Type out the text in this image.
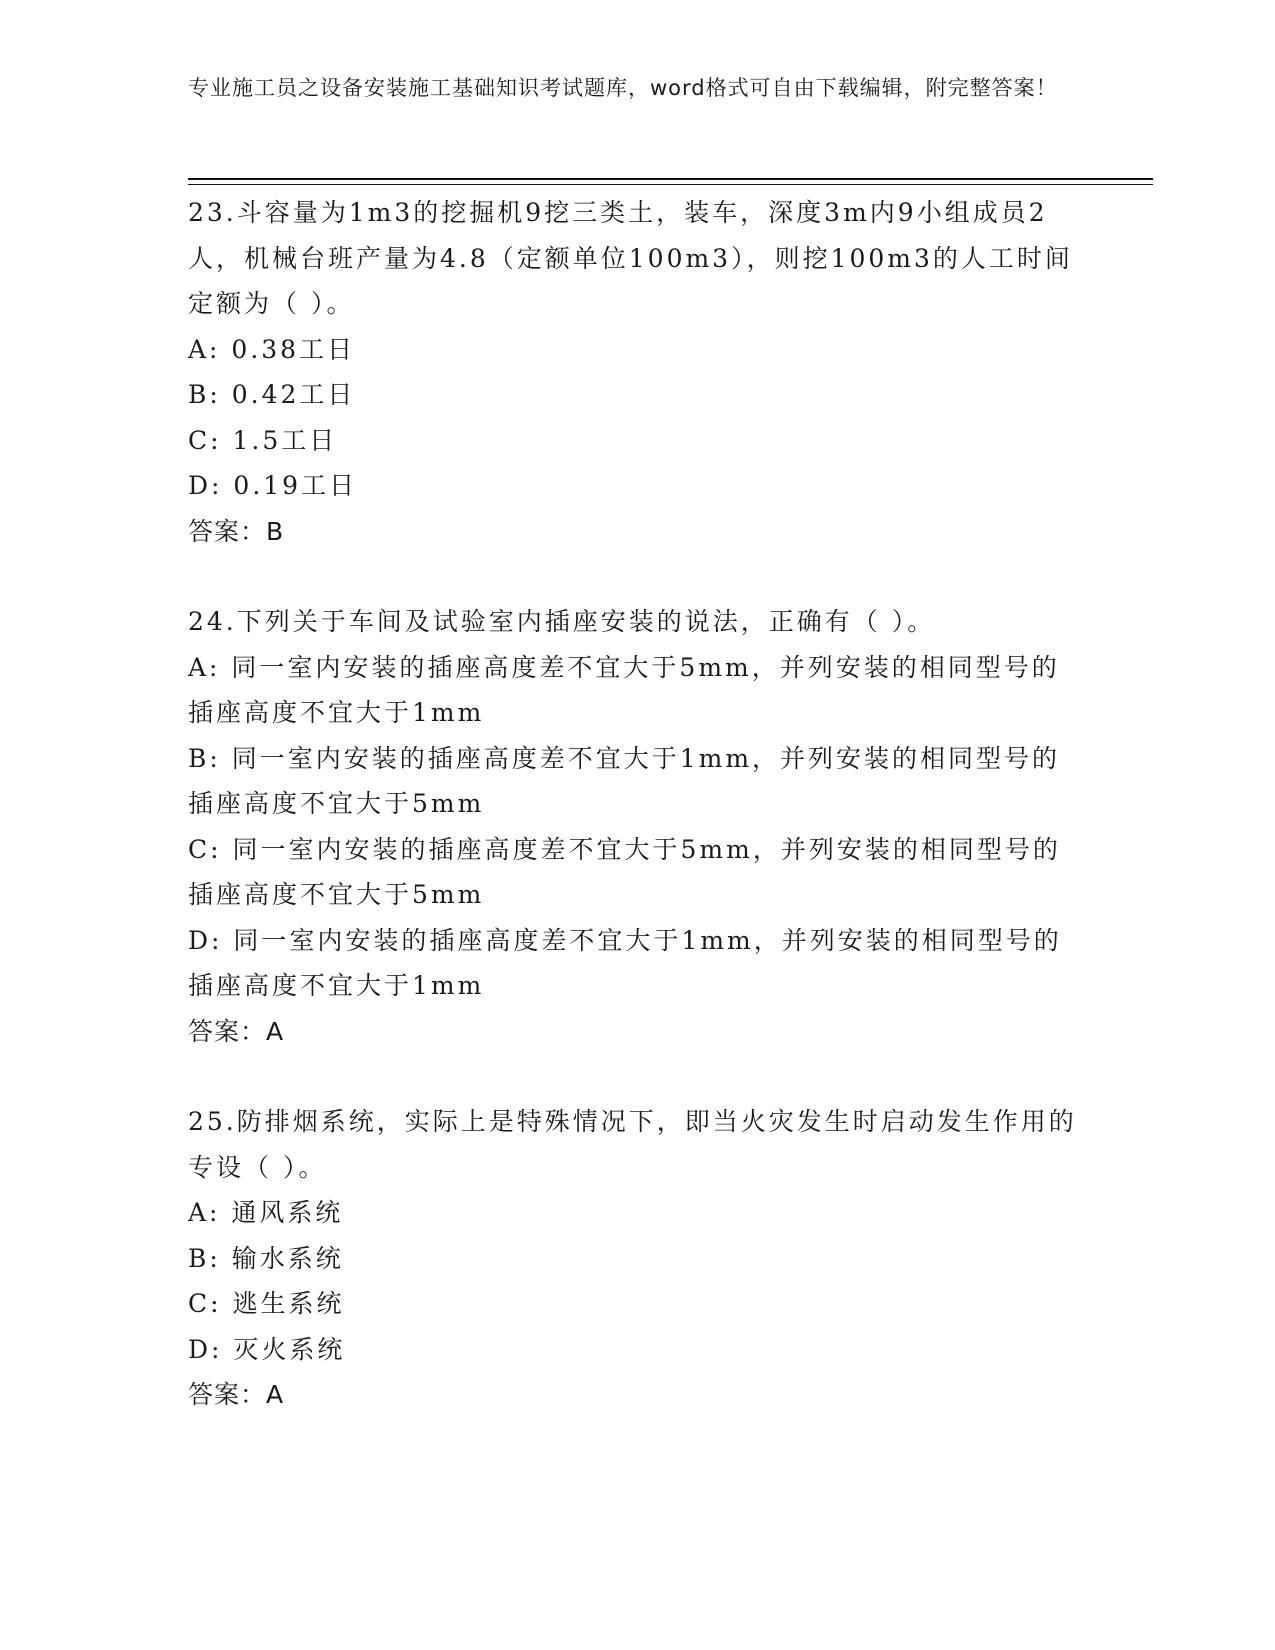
专业施工员之设备安装施工基础知识考试题库，word格式可自由下载编辑，附完整答案！

23.斗容量为1m3的挖掘机9挖三类土，装车，深度3m内9小组成员2人，机械台班产量为4.8（定额单位100m3），则挖100m3的人工时间定额为（ ）。

A: 0.38工日

B: 0.42工日

C: 1.5工日

D: 0.19工日

答案：B

24.下列关于车间及试验室内插座安装的说法，正确有（ ）。

A: 同一室内安装的插座高度差不宜大于5mm，并列安装的相同型号的插座高度不宜大于1mm

B: 同一室内安装的插座高度差不宜大于1mm，并列安装的相同型号的插座高度不宜大于5mm

C: 同一室内安装的插座高度差不宜大于5mm，并列安装的相同型号的插座高度不宜大于5mm

D: 同一室内安装的插座高度差不宜大于1mm，并列安装的相同型号的插座高度不宜大于1mm

答案：A

25.防排烟系统，实际上是特殊情况下，即当火灾发生时启动发生作用的专设（ ）。

A: 通风系统

B: 输水系统

C: 逃生系统

D: 灭火系统

答案：A
